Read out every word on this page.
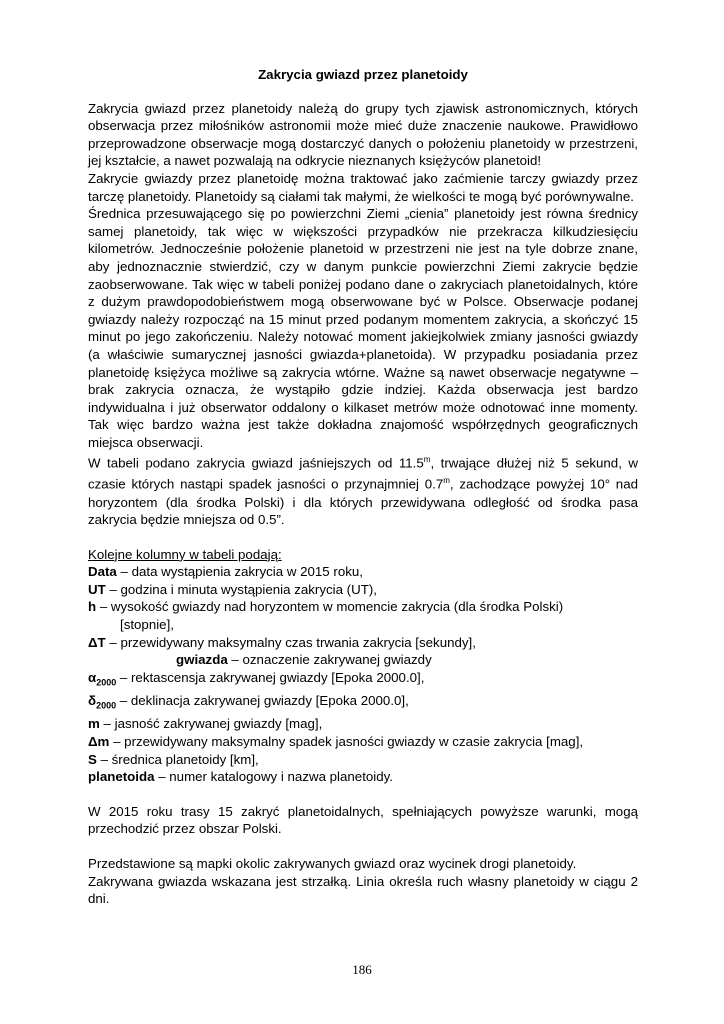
Zakrycia gwiazd przez planetoidy

Zakrycia gwiazd przez planetoidy należą do grupy tych zjawisk astronomicznych, których obserwacja przez miłośników astronomii może mieć duże znaczenie naukowe. Prawidłowo przeprowadzone obserwacje mogą dostarczyć danych o położeniu planetoidy w przestrzeni, jej kształcie, a nawet pozwalają na odkrycie nieznanych księżyców planetoid!

Zakrycie gwiazdy przez planetoidę można traktować jako zaćmienie tarczy gwiazdy przez tarczę planetoidy. Planetoidy są ciałami tak małymi, że wielkości te mogą być porównywalne.

Średnica przesuwającego się po powierzchni Ziemi „cienia” planetoidy jest równa średnicy samej planetoidy, tak więc w większości przypadków nie przekracza kilkudziesięciu kilometrów. Jednocześnie położenie planetoid w przestrzeni nie jest na tyle dobrze znane, aby jednoznacznie stwierdzić, czy w danym punkcie powierzchni Ziemi zakrycie będzie zaobserwowane. Tak więc w tabeli poniżej podano dane o zakryciach planetoidalnych, które z dużym prawdopodobieństwem mogą obserwowane być w Polsce. Obserwacje podanej gwiazdy należy rozpocząć na 15 minut przed podanym momentem zakrycia, a skończyć 15 minut po jego zakończeniu. Należy notować moment jakiejkolwiek zmiany jasności gwiazdy (a właściwie sumarycznej jasności gwiazda+planetoida). W przypadku posiadania przez planetoidę księżyca możliwe są zakrycia wtórne. Ważne są nawet obserwacje negatywne – brak zakrycia oznacza, że wystąpiło gdzie indziej. Każda obserwacja jest bardzo indywidualna i już obserwator oddalony o kilkaset metrów może odnotować inne momenty. Tak więc bardzo ważna jest także dokładna znajomość współrzędnych geograficznych miejsca obserwacji.

W tabeli podano zakrycia gwiazd jaśniejszych od 11.5$^m$, trwające dłużej niż 5 sekund, w czasie których nastąpi spadek jasności o przynajmniej 0.7$^m$, zachodzące powyżej 10° nad horyzontem (dla środka Polski) i dla których przewidywana odległość od środka pasa zakrycia będzie mniejsza od 0.5”.

Kolejne kolumny w tabeli podają:

Data – data wystąpienia zakrycia w 2015 roku,

UT – godzina i minuta wystąpienia zakrycia (UT),

h – wysokość gwiazdy nad horyzontem w momencie zakrycia (dla środka Polski)

[stopnie],

ΔT – przewidywany maksymalny czas trwania zakrycia [sekundy],

gwiazda – oznaczenie zakrywanej gwiazdy

$\alpha_{2000}$ – rektascensja zakrywanej gwiazdy [Epoka 2000.0],

$\delta_{2000}$ – deklinacja zakrywanej gwiazdy [Epoka 2000.0],

m – jasność zakrywanej gwiazdy [mag],

Δm – przewidywany maksymalny spadek jasności gwiazdy w czasie zakrycia [mag],

S – średnica planetoidy [km],

planetoida – numer katalogowy i nazwa planetoidy.

W 2015 roku trasy 15 zakryć planetoidalnych, spełniających powyższe warunki, mogą przechodzić przez obszar Polski.

Przedstawione są mapki okolic zakrywanych gwiazd oraz wycinek drogi planetoidy.

Zakrywana gwiazda wskazana jest strzałką. Linia określa ruch własny planetoidy w ciągu 2 dni.

186
